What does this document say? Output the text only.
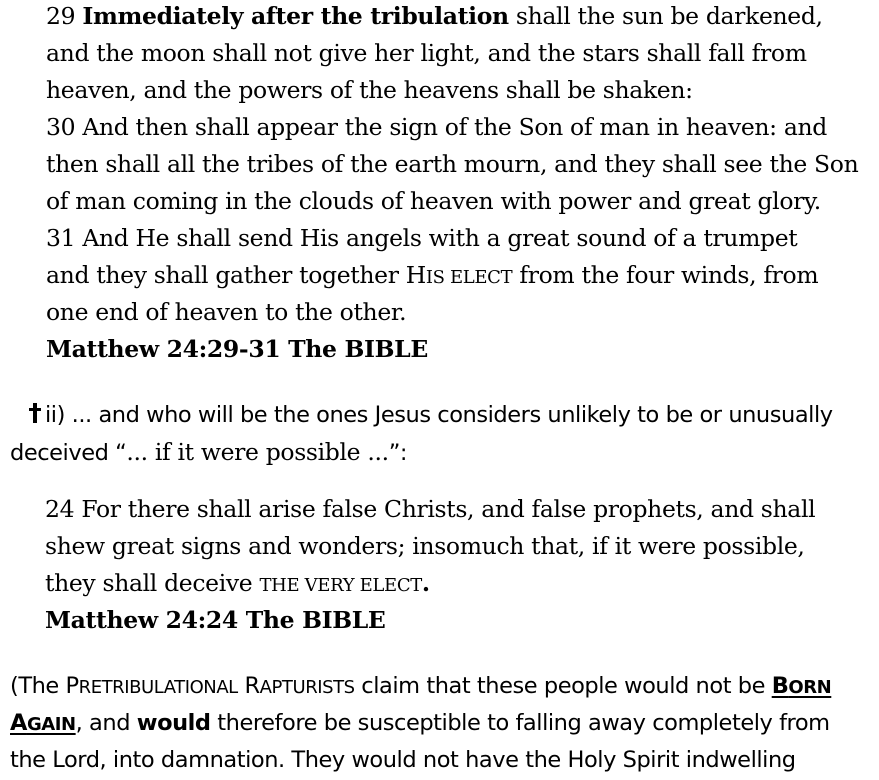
29 Immediately after the tribulation shall the sun be darkened,
and the moon shall not give her light, and the stars shall fall from
heaven, and the powers of the heavens shall be shaken:
30 And then shall appear the sign of the Son of man in heaven: and
then shall all the tribes of the earth mourn, and they shall see the Son
of man coming in the clouds of heaven with power and great glory.
31 And He shall send His angels with a great sound of a trumpet
and they shall gather together HIS ELECT from the four winds, from
one end of heaven to the other.
Matthew 24:29-31 The BIBLE
ii) ... and who will be the ones Jesus considers unlikely to be or unusually
deceived “... if it were possible ...”:
24 For there shall arise false Christs, and false prophets, and shall
shew great signs and wonders; insomuch that, if it were possible,
they shall deceive THE VERY ELECT.
Matthew 24:24 The BIBLE
(The PRETRIBULATIONAL RAPTURISTS claim that these people would not be BORN
AGAIN, and would therefore be susceptible to falling away completely from
the Lord, into damnation. They would not have the Holy Spirit indwelling
